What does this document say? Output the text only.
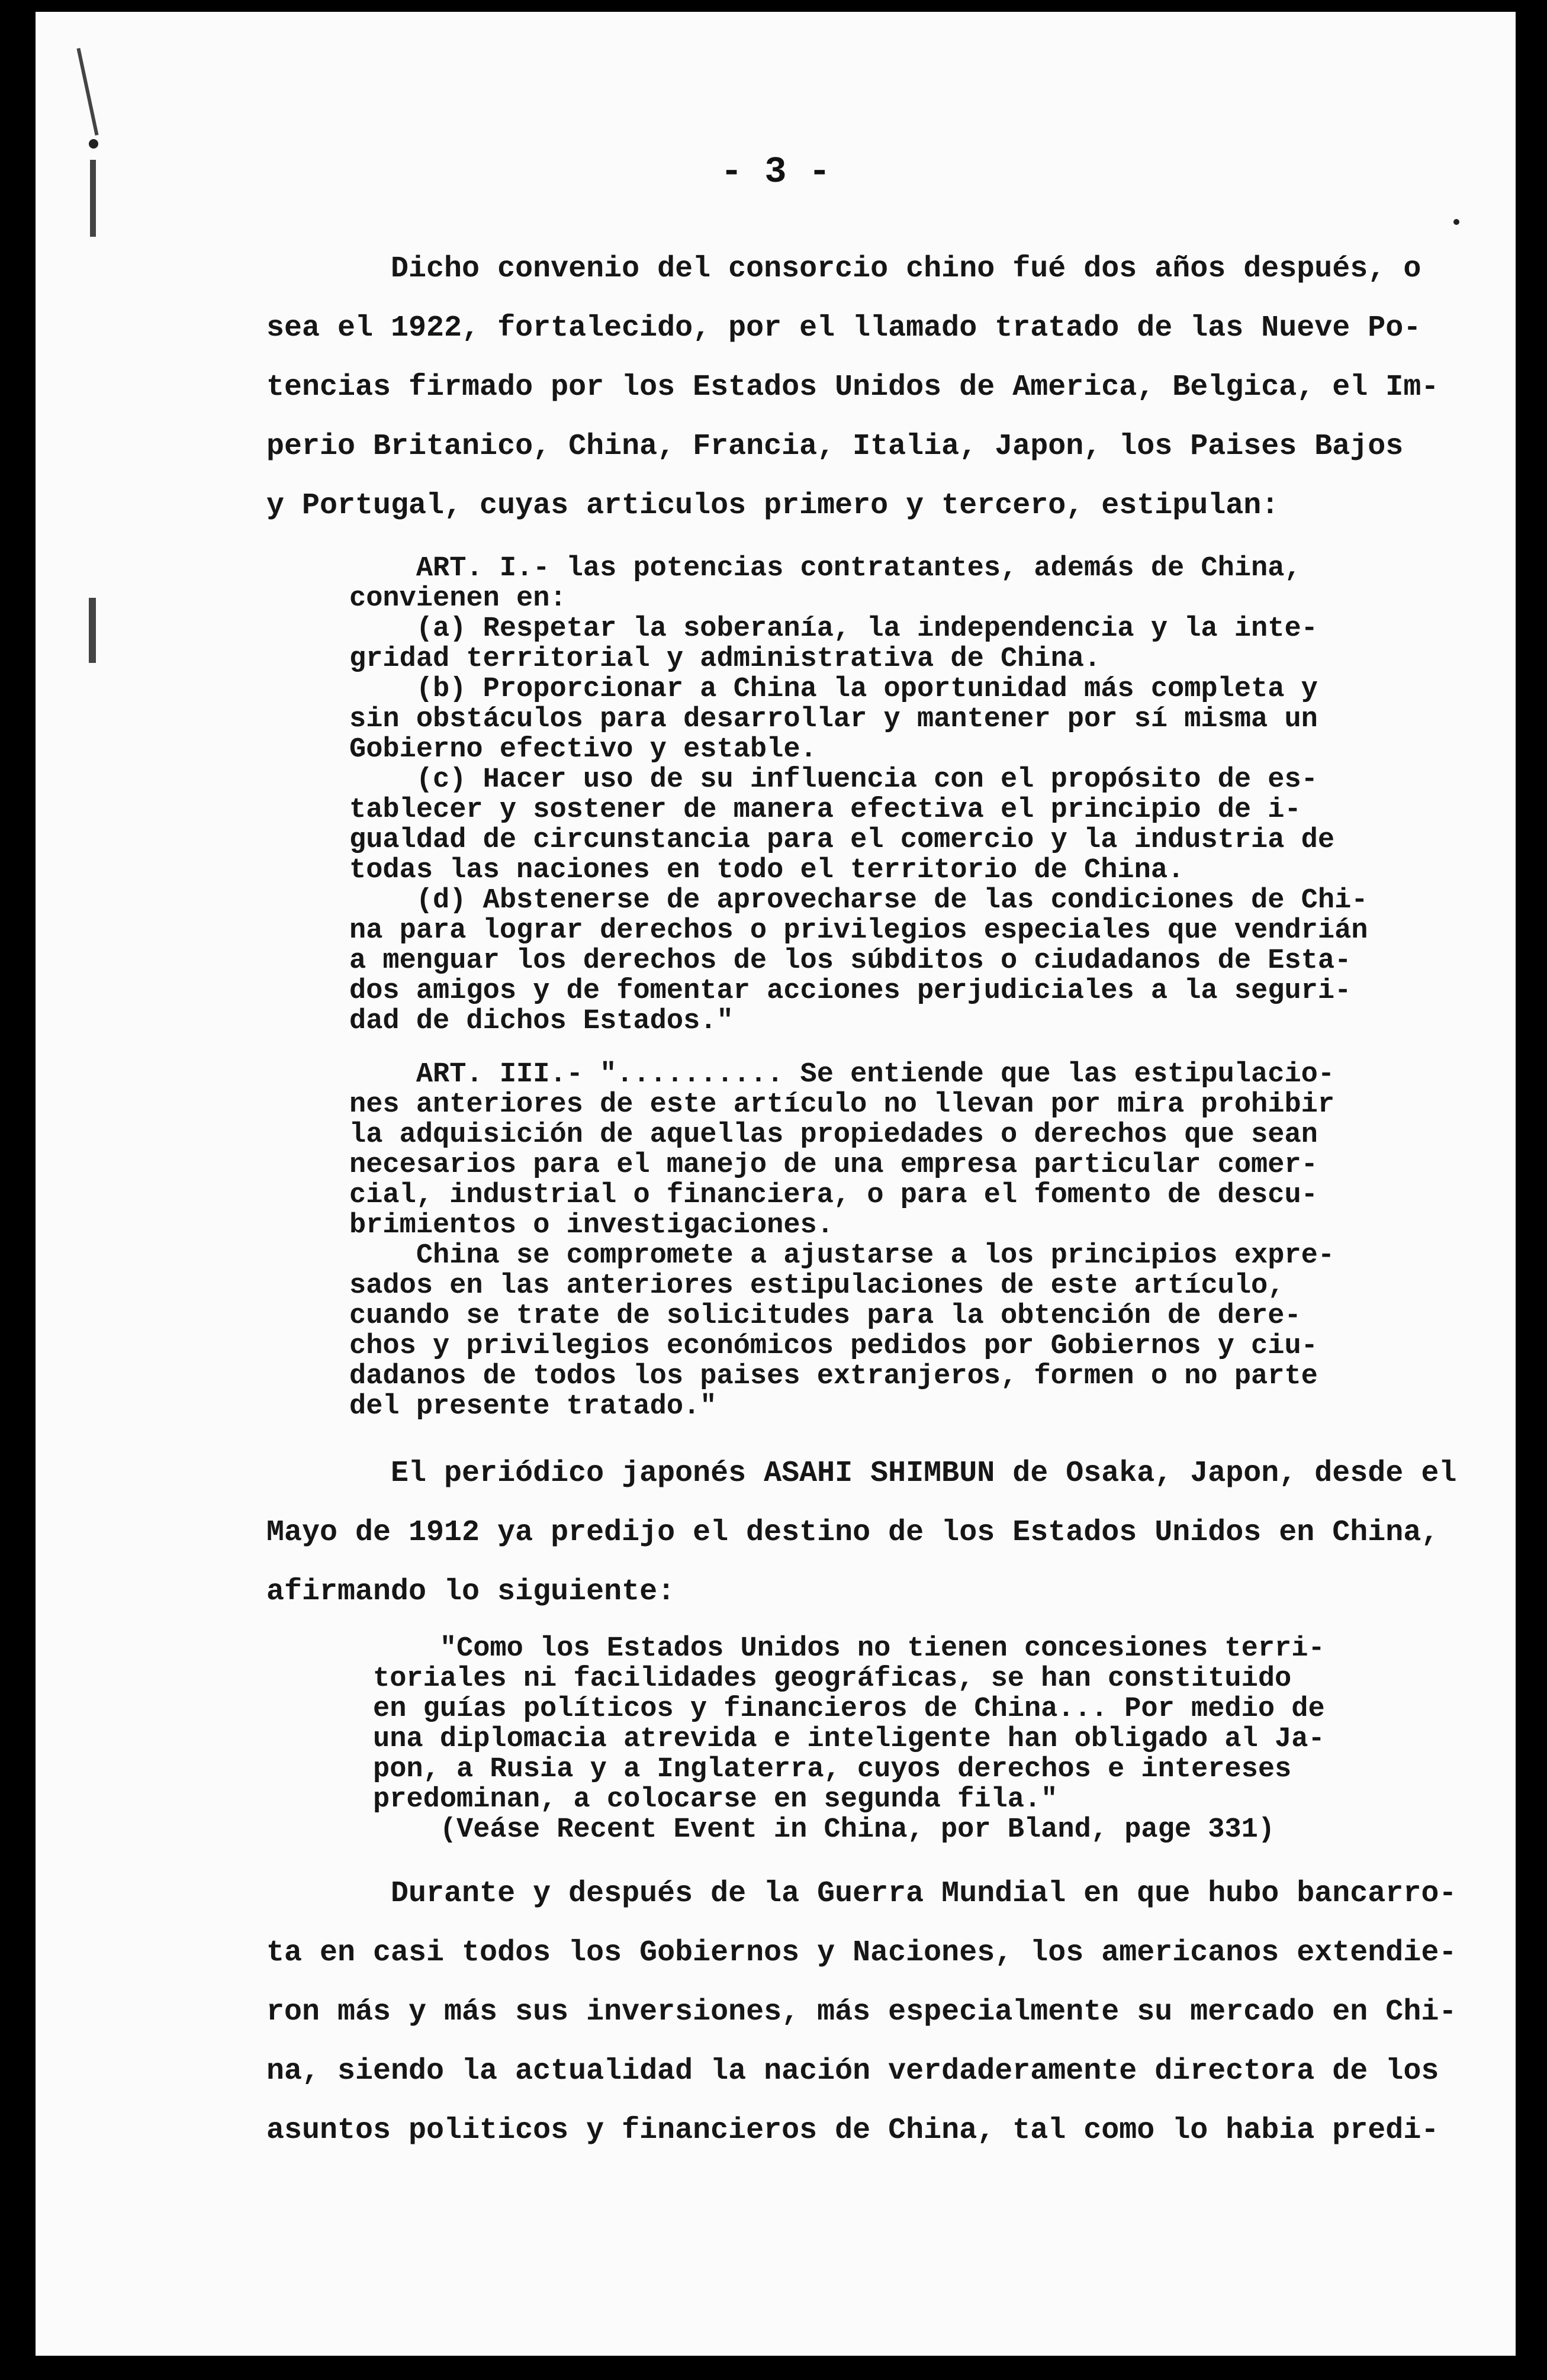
- 3 -
Dicho convenio del consorcio chino fué dos años después, o
sea el 1922, fortalecido, por el llamado tratado de las Nueve Po-
tencias firmado por los Estados Unidos de America, Belgica, el Im-
perio Britanico, China, Francia, Italia, Japon, los Paises Bajos
y Portugal, cuyas articulos primero y tercero, estipulan:
ART. I.- las potencias contratantes, además de China,
convienen en:
(a) Respetar la soberanía, la independencia y la inte-
gridad territorial y administrativa de China.
(b) Proporcionar a China la oportunidad más completa y
sin obstáculos para desarrollar y mantener por sí misma un
Gobierno efectivo y estable.
(c) Hacer uso de su influencia con el propósito de es-
tablecer y sostener de manera efectiva el principio de i-
gualdad de circunstancia para el comercio y la industria de
todas las naciones en todo el territorio de China.
(d) Abstenerse de aprovecharse de las condiciones de Chi-
na para lograr derechos o privilegios especiales que vendrián
a menguar los derechos de los súbditos o ciudadanos de Esta-
dos amigos y de fomentar acciones perjudiciales a la seguri-
dad de dichos Estados."
ART. III.- ".......... Se entiende que las estipulacio-
nes anteriores de este artículo no llevan por mira prohibir
la adquisición de aquellas propiedades o derechos que sean
necesarios para el manejo de una empresa particular comer-
cial, industrial o financiera, o para el fomento de descu-
brimientos o investigaciones.
China se compromete a ajustarse a los principios expre-
sados en las anteriores estipulaciones de este artículo,
cuando se trate de solicitudes para la obtención de dere-
chos y privilegios económicos pedidos por Gobiernos y ciu-
dadanos de todos los paises extranjeros, formen o no parte
del presente tratado."
El periódico japonés ASAHI SHIMBUN de Osaka, Japon, desde el
Mayo de 1912 ya predijo el destino de los Estados Unidos en China,
afirmando lo siguiente:
"Como los Estados Unidos no tienen concesiones terri-
toriales ni facilidades geográficas, se han constituido
en guías políticos y financieros de China... Por medio de
una diplomacia atrevida e inteligente han obligado al Ja-
pon, a Rusia y a Inglaterra, cuyos derechos e intereses
predominan, a colocarse en segunda fila."
(Veáse Recent Event in China, por Bland, page 331)
Durante y después de la Guerra Mundial en que hubo bancarro-
ta en casi todos los Gobiernos y Naciones, los americanos extendie-
ron más y más sus inversiones, más especialmente su mercado en Chi-
na, siendo la actualidad la nación verdaderamente directora de los
asuntos politicos y financieros de China, tal como lo habia predi-
